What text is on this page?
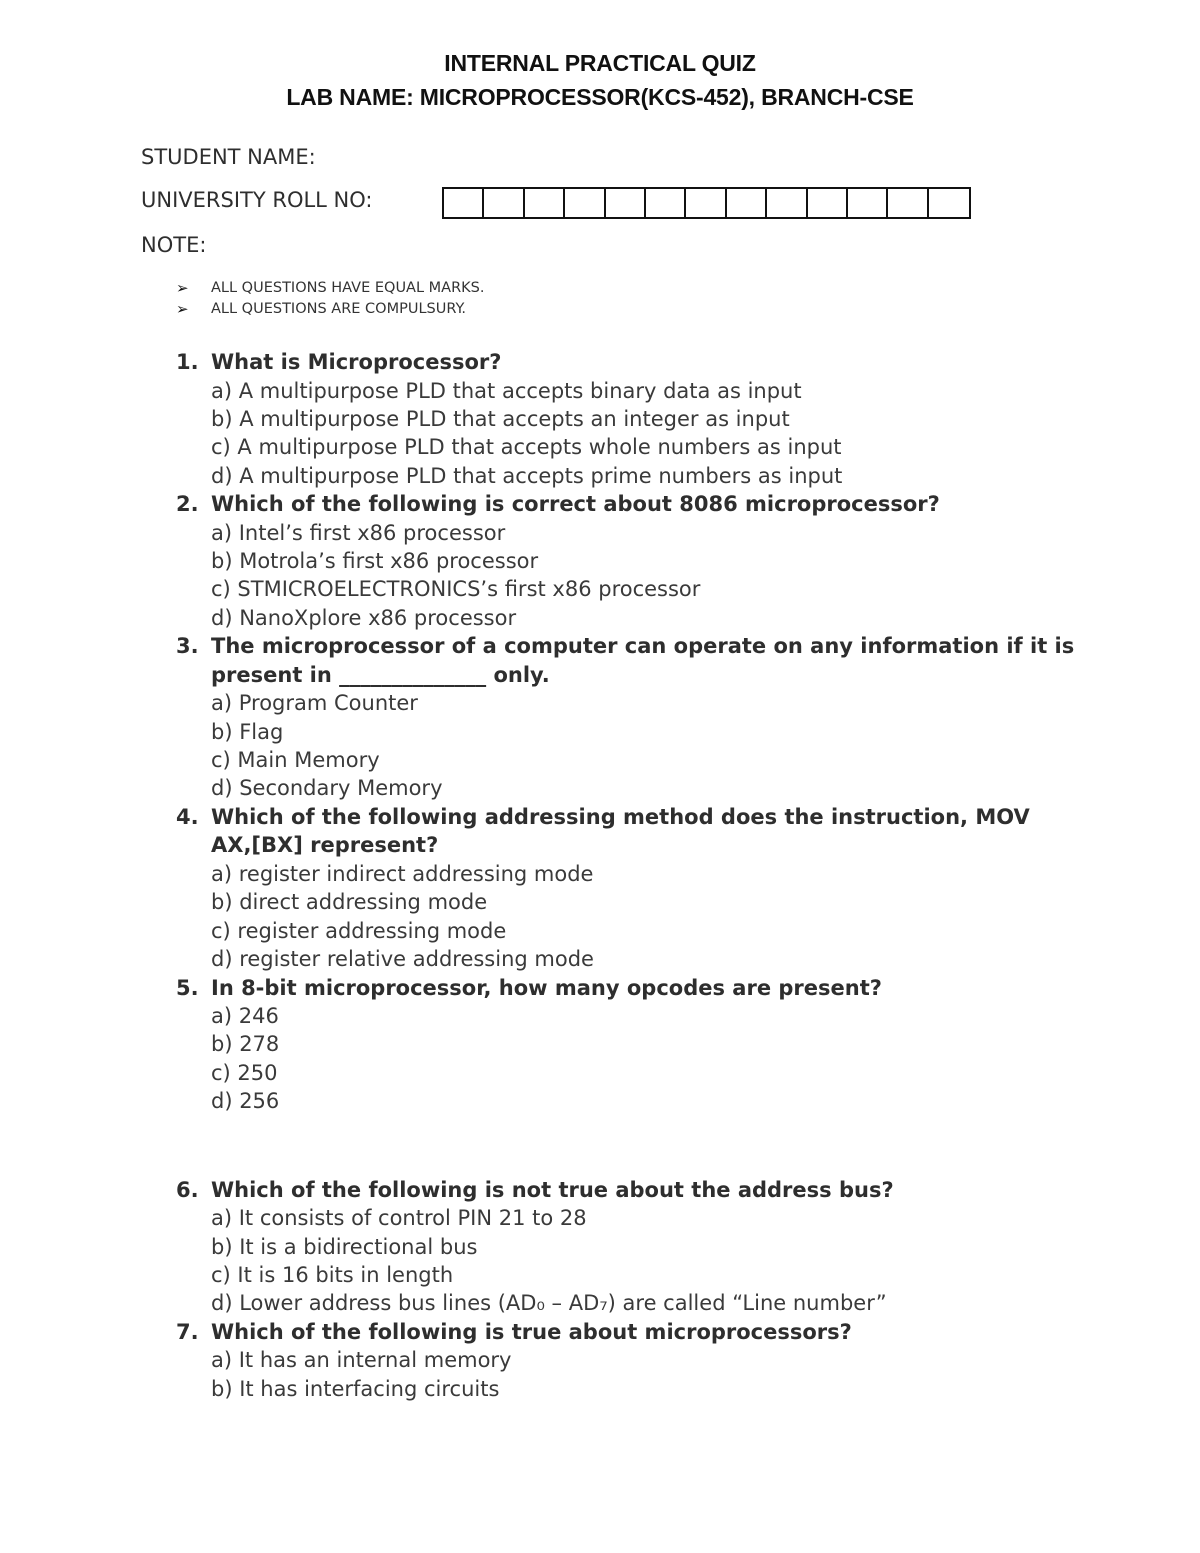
INTERNAL PRACTICAL QUIZ
LAB NAME: MICROPROCESSOR(KCS-452), BRANCH-CSE
STUDENT NAME:
UNIVERSITY ROLL NO:
NOTE:
➢	ALL QUESTIONS HAVE EQUAL MARKS.
➢	ALL QUESTIONS ARE COMPULSURY.
1. What is Microprocessor?
a) A multipurpose PLD that accepts binary data as input
b) A multipurpose PLD that accepts an integer as input
c) A multipurpose PLD that accepts whole numbers as input
d) A multipurpose PLD that accepts prime numbers as input
2. Which of the following is correct about 8086 microprocessor?
a) Intel’s first x86 processor
b) Motrola’s first x86 processor
c) STMICROELECTRONICS’s first x86 processor
d) NanoXplore x86 processor
3. The microprocessor of a computer can operate on any information if it is present in ______________ only.
a) Program Counter
b) Flag
c) Main Memory
d) Secondary Memory
4. Which of the following addressing method does the instruction, MOV AX,[BX] represent?
a) register indirect addressing mode
b) direct addressing mode
c) register addressing mode
d) register relative addressing mode
5. In 8-bit microprocessor, how many opcodes are present?
a) 246
b) 278
c) 250
d) 256
6. Which of the following is not true about the address bus?
a) It consists of control PIN 21 to 28
b) It is a bidirectional bus
c) It is 16 bits in length
d) Lower address bus lines (AD₀ – AD₇) are called “Line number”
7. Which of the following is true about microprocessors?
a) It has an internal memory
b) It has interfacing circuits
